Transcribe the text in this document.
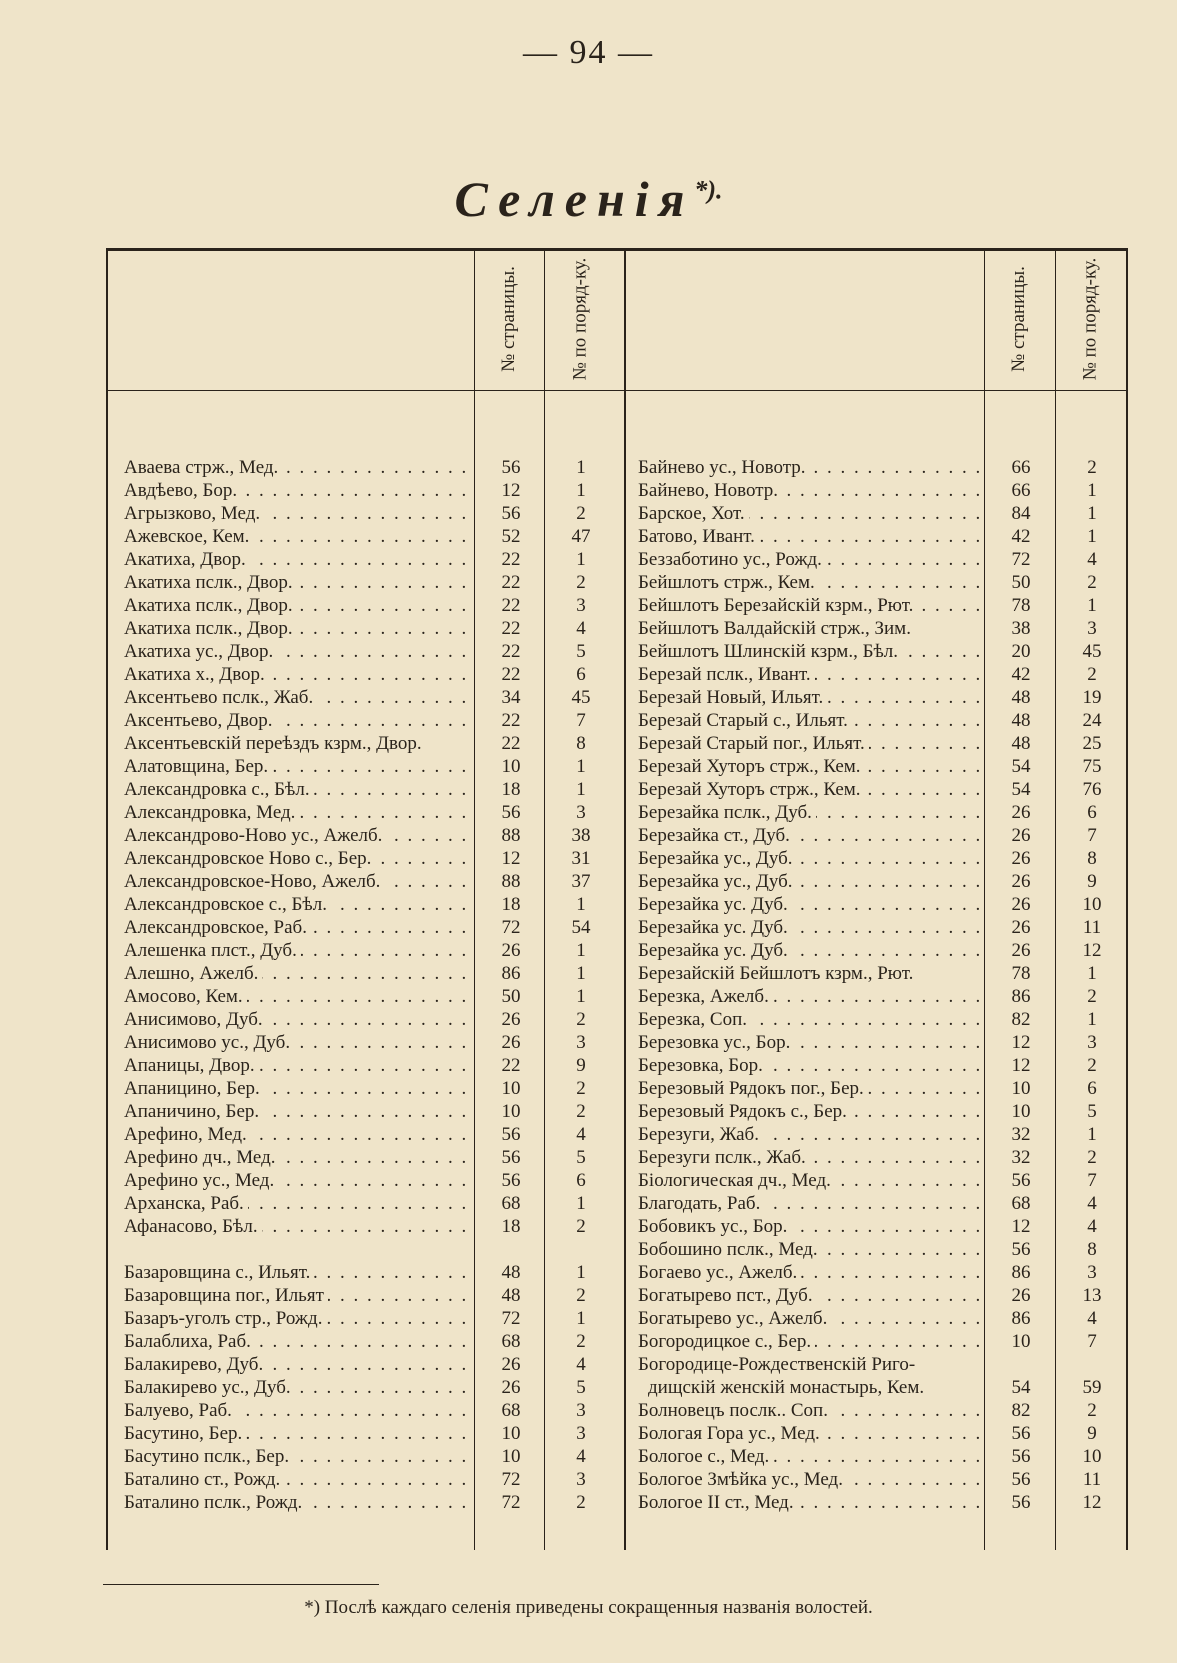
— 94 —
Селенія*).
№ страницы.	№ по поряд-ку.	№ страницы.	№ по поряд-ку.
Аваева стрж., Мед. . . .	56	1
Авдѣево, Бор. . . .	12	1
Агрызково, Мед. . . .	56	2
Ажевское, Кем. . . .	52	47
Акатиха, Двор. . . .	22	1
Акатиха пслк., Двор. . . .	22	2
Акатиха пслк., Двор. . . .	22	3
Акатиха пслк., Двор. . . .	22	4
Акатиха ус., Двор. . . .	22	5
Акатиха х., Двор. . . .	22	6
Аксентьево пслк., Жаб. . . .	34	45
Аксентьево, Двор. . . .	22	7
Аксентьевскій переѣздъ кзрм., Двор.	22	8
Алатовщина, Бер. . . .	10	1
Александровка с., Бѣл. . . .	18	1
Александровка, Мед. . . .	56	3
Александрово-Ново ус., Ажелб. . . .	88	38
Александровское Ново с., Бер. . . .	12	31
Александровское-Ново, Ажелб. . . .	88	37
Александровское с., Бѣл. . . .	18	1
Александровское, Раб. . . .	72	54
Алешенка плст., Дуб. . . .	26	1
Алешно, Ажелб. . . .	86	1
Амосово, Кем. . . .	50	1
Анисимово, Дуб. . . .	26	2
Анисимово ус., Дуб. . . .	26	3
Апаницы, Двор. . . .	22	9
Апаницино, Бер. . . .	10	2
Апаничино, Бер. . . .	10	2
Арефино, Мед. . . .	56	4
Арефино дч., Мед. . . .	56	5
Арефино ус., Мед. . . .	56	6
Арханска, Раб. . . .	68	1
Афанасово, Бѣл. . . .	18	2
Базаровщина с., Ильят. . . .	48	1
Базаровщина пог., Ильят . . .	48	2
Базаръ-уголъ стр., Рожд. . . .	72	1
Балаблиха, Раб. . . .	68	2
Балакирево, Дуб. . . .	26	4
Балакирево ус., Дуб. . . .	26	5
Балуево, Раб. . . .	68	3
Басутино, Бер. . . .	10	3
Басутино пслк., Бер. . . .	10	4
Баталино ст., Рожд. . . .	72	3
Баталино пслк., Рожд. . . .	72	2
Байнево ус., Новотр. . . .	66	2
Байнево, Новотр. . . .	66	1
Барское, Хот. . . .	84	1
Батово, Ивант. . . .	42	1
Беззаботино ус., Рожд. . . .	72	4
Бейшлотъ стрж., Кем. . . .	50	2
Бейшлотъ Березайскій кзрм., Рют. . . .	78	1
Бейшлотъ Валдайскій стрж., Зим.	38	3
Бейшлотъ Шлинскій кзрм., Бѣл. . . .	20	45
Березай пслк., Ивант. . . .	42	2
Березай Новый, Ильят. . . .	48	19
Березай Старый с., Ильят. . . .	48	24
Березай Старый пог., Ильят. . . .	48	25
Березай Хуторъ стрж., Кем. . . .	54	75
Березай Хуторъ стрж., Кем. . . .	54	76
Березайка пслк., Дуб. . . .	26	6
Березайка ст., Дуб. . . .	26	7
Березайка ус., Дуб. . . .	26	8
Березайка ус., Дуб. . . .	26	9
Березайка ус. Дуб. . . .	26	10
Березайка ус. Дуб. . . .	26	11
Березайка ус. Дуб. . . .	26	12
Березайскій Бейшлотъ кзрм., Рют.	78	1
Березка, Ажелб. . . .	86	2
Березка, Соп. . . .	82	1
Березовка ус., Бор. . . .	12	3
Березовка, Бор. . . .	12	2
Березовый Рядокъ пог., Бер. . . .	10	6
Березовый Рядокъ с., Бер. . . .	10	5
Березуги, Жаб. . . .	32	1
Березуги пслк., Жаб. . . .	32	2
Біологическая дч., Мед. . . .	56	7
Благодать, Раб. . . .	68	4
Бобовикъ ус., Бор. . . .	12	4
Бобошино пслк., Мед. . . .	56	8
Богаево ус., Ажелб. . . .	86	3
Богатырево пст., Дуб. . . .	26	13
Богатырево ус., Ажелб. . . .	86	4
Богородицкое с., Бер. . . .	10	7
Богородице-Рождественскій Риго-
дищскій женскій монастырь, Кем.	54	59
Болновецъ послк.. Соп. . . .	82	2
Бологая Гора ус., Мед. . . .	56	9
Бологое с., Мед. . . .	56	10
Бологое Змѣйка ус., Мед. . . .	56	11
Бологое II ст., Мед. . . .	56	12
*) Послѣ каждаго селенія приведены сокращенныя названія волостей.
